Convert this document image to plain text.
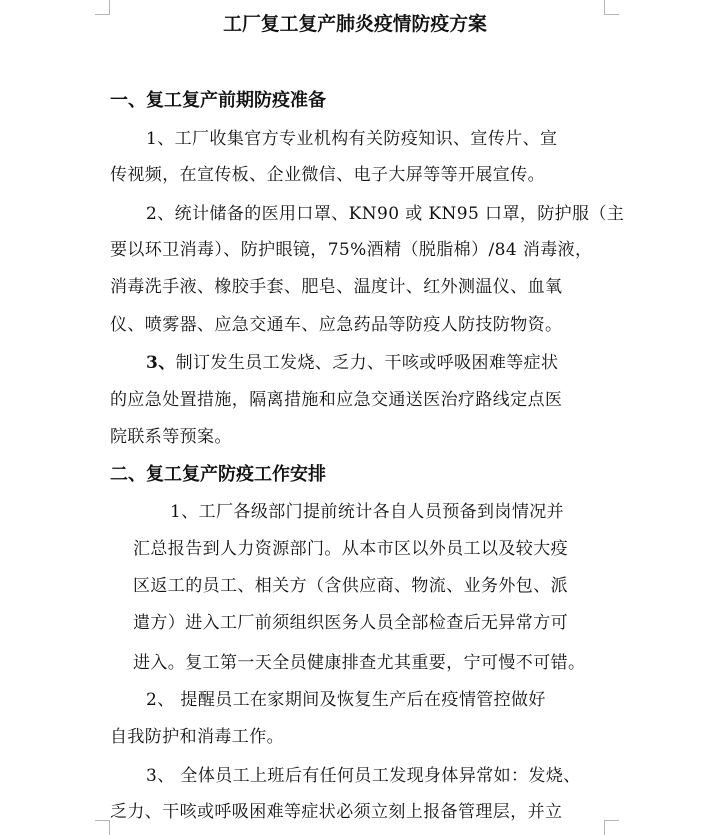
工厂复工复产肺炎疫情防疫方案
一、复工复产前期防疫准备
1、工厂收集官方专业机构有关防疫知识、宣传片、宣
传视频，在宣传板、企业微信、电子大屏等等开展宣传。
2、统计储备的医用口罩、KN90 或 KN95 口罩，防护服（主
要以环卫消毒）、防护眼镜，75%酒精（脱脂棉）/84 消毒液，
消毒洗手液、橡胶手套、肥皂、温度计、红外测温仪、血氧
仪、喷雾器、应急交通车、应急药品等防疫人防技防物资。
3、制订发生员工发烧、乏力、干咳或呼吸困难等症状
的应急处置措施，隔离措施和应急交通送医治疗路线定点医
院联系等预案。
二、复工复产防疫工作安排
1、工厂各级部门提前统计各自人员预备到岗情况并
汇总报告到人力资源部门。从本市区以外员工以及较大疫
区返工的员工、相关方（含供应商、物流、业务外包、派
遣方）进入工厂前须组织医务人员全部检查后无异常方可
进入。复工第一天全员健康排查尤其重要，宁可慢不可错。
2、 提醒员工在家期间及恢复生产后在疫情管控做好
自我防护和消毒工作。
3、 全体员工上班后有任何员工发现身体异常如：发烧、
乏力、干咳或呼吸困难等症状必须立刻上报备管理层，并立
